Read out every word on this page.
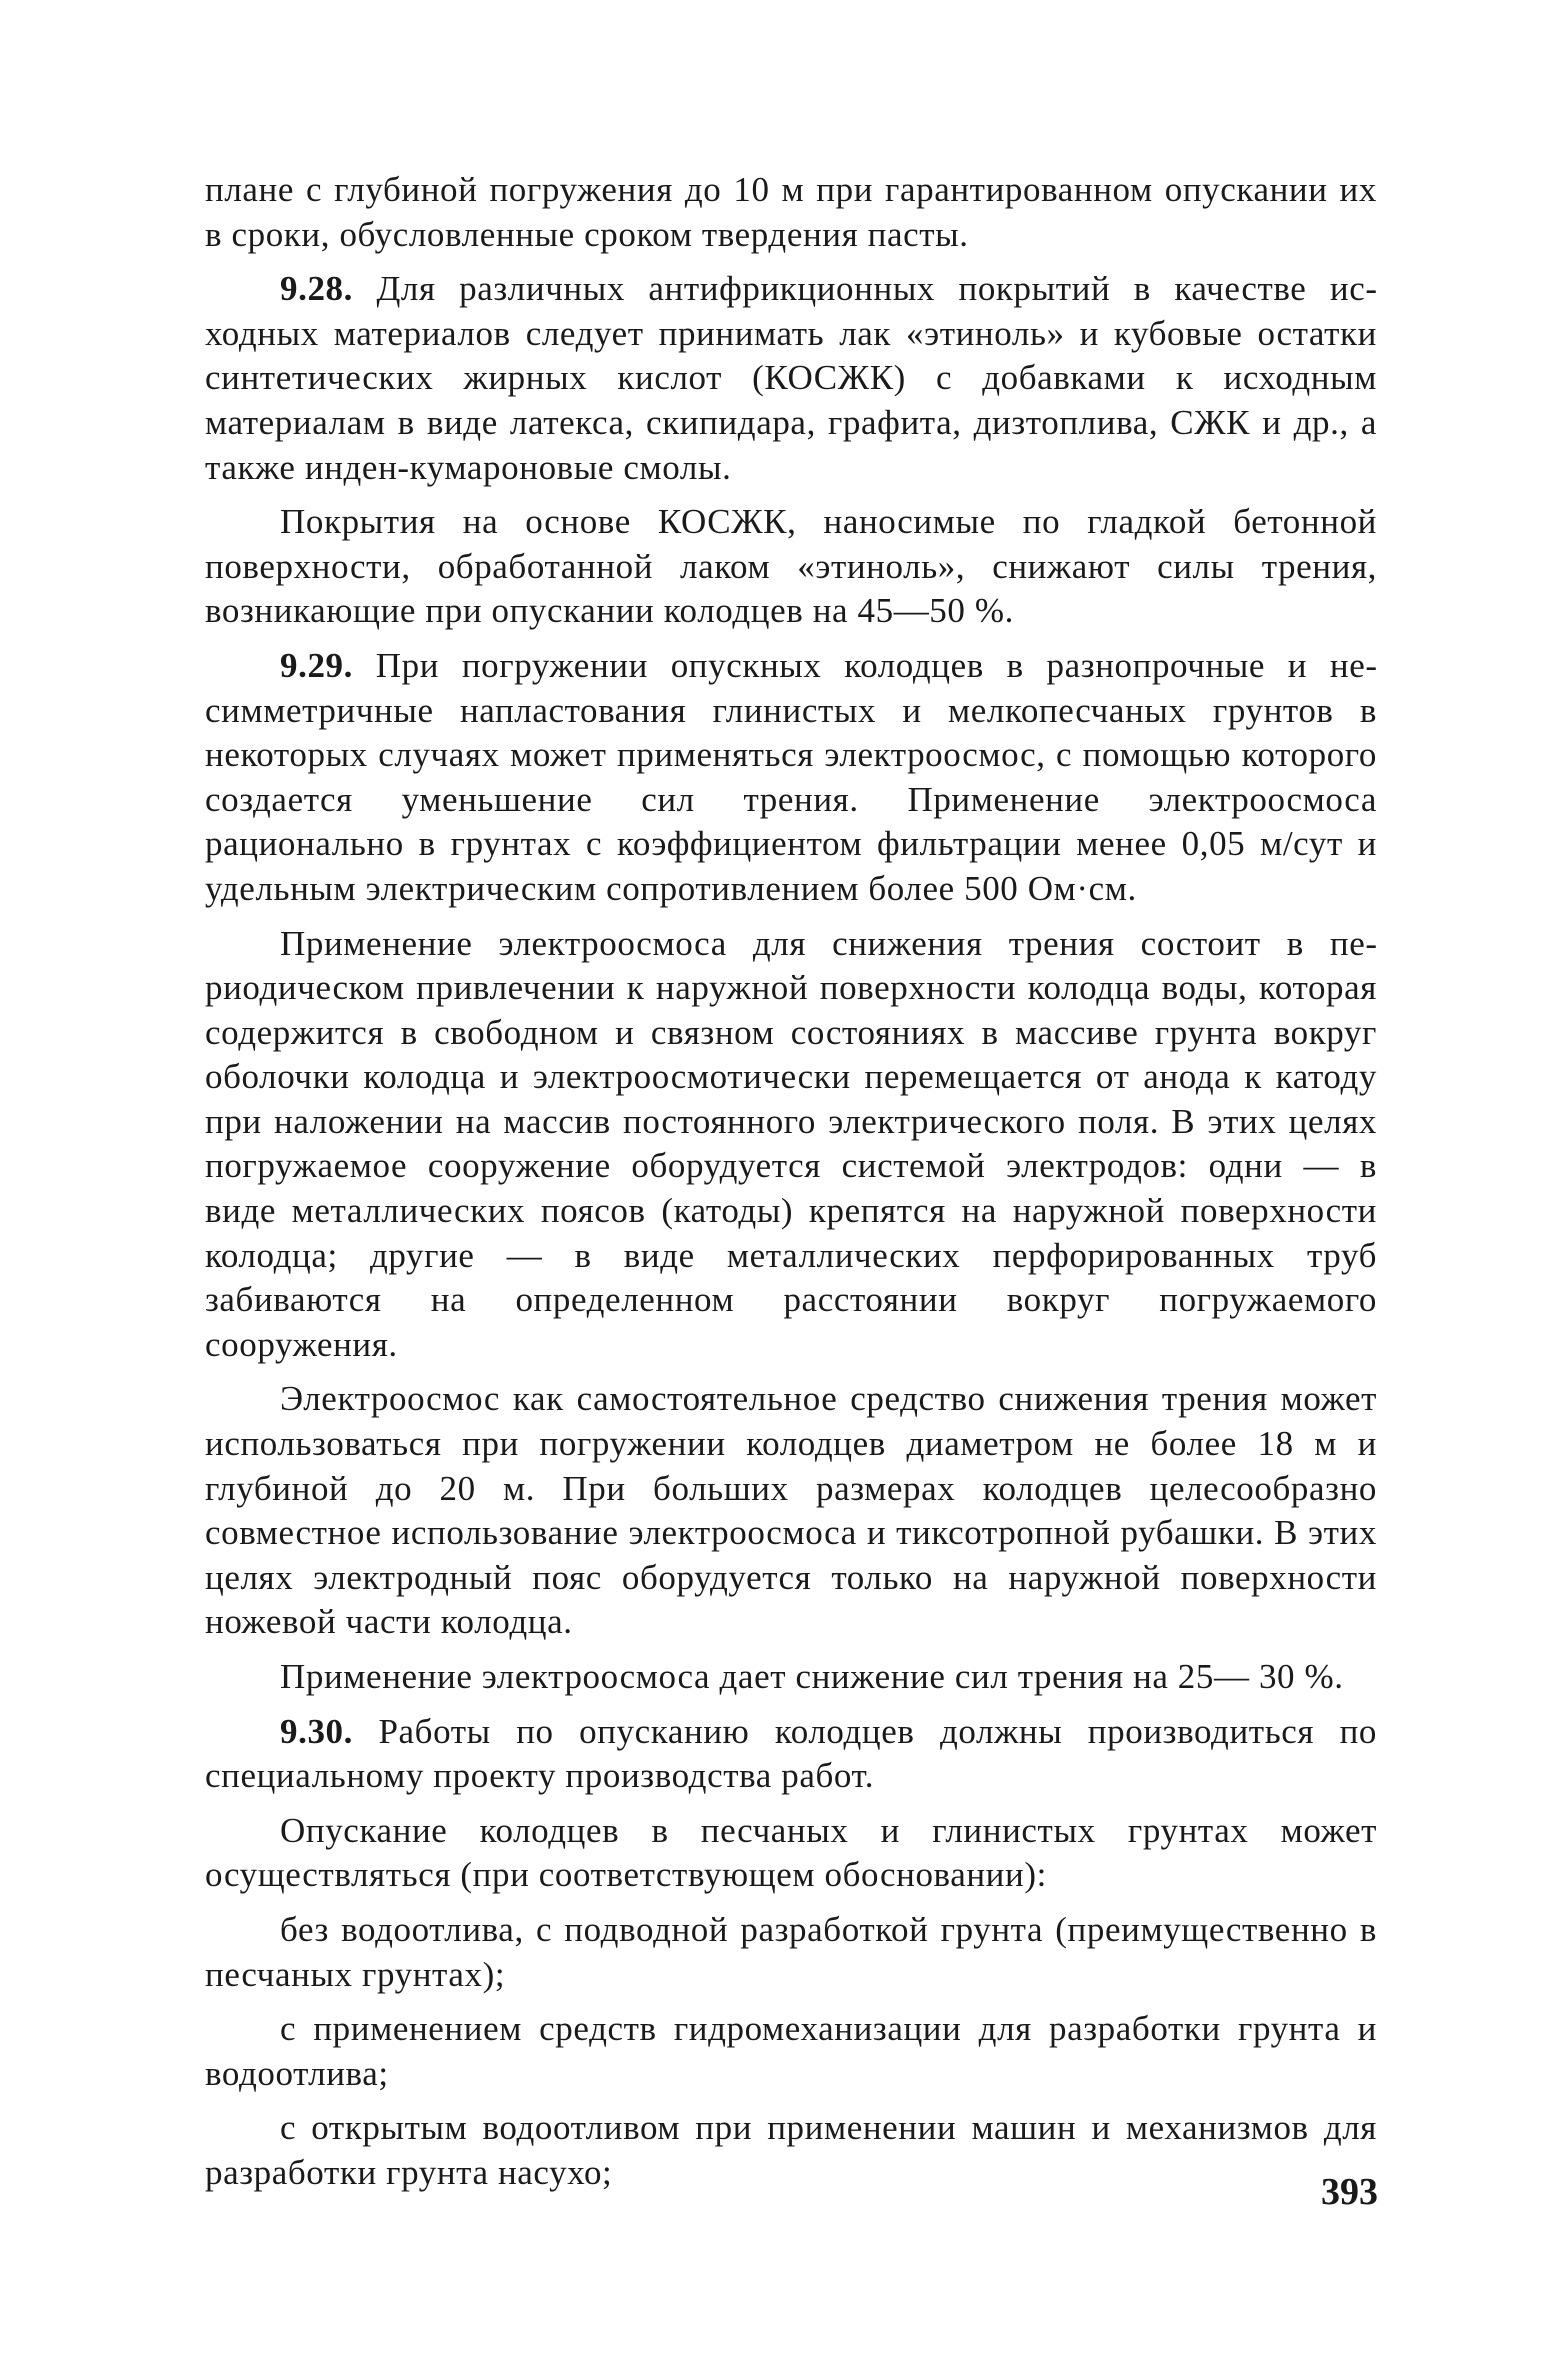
плане с глубиной погружения до 10 м при гарантированном опускании их в сроки, обусловленные сроком твердения пасты.

9.28. Для различных антифрикционных покрытий в качестве исходных материалов следует принимать лак «этиноль» и кубовые остатки синтетических жирных кислот (КОСЖК) с добавками к исходным материалам в виде латекса, скипидара, графита, дизтоплива, СЖК и др., а также инден-кумароновые смолы.

Покрытия на основе КОСЖК, наносимые по гладкой бетонной поверхности, обработанной лаком «этиноль», снижают силы трения, возникающие при опускании колодцев на 45—50 %.

9.29. При погружении опускных колодцев в разнопрочные и несимметричные напластования глинистых и мелкопесчаных грунтов в некоторых случаях может применяться электроосмос, с помощью которого создается уменьшение сил трения. Применение электроосмоса рационально в грунтах с коэффициентом фильтрации менее 0,05 м/сут и удельным электрическим сопротивлением более 500 Ом·см.

Применение электроосмоса для снижения трения состоит в периодическом привлечении к наружной поверхности колодца воды, которая содержится в свободном и связном состояниях в массиве грунта вокруг оболочки колодца и электроосмотически перемещается от анода к катоду при наложении на массив постоянного электрического поля. В этих целях погружаемое сооружение оборудуется системой электродов: одни — в виде металлических поясов (катоды) крепятся на наружной поверхности колодца; другие — в виде металлических перфорированных труб забиваются на определенном расстоянии вокруг погружаемого сооружения.

Электроосмос как самостоятельное средство снижения трения может использоваться при погружении колодцев диаметром не более 18 м и глубиной до 20 м. При больших размерах колодцев целесообразно совместное использование электроосмоса и тиксотропной рубашки. В этих целях электродный пояс оборудуется только на наружной поверхности ножевой части колодца.

Применение электроосмоса дает снижение сил трения на 25— 30 %.

9.30. Работы по опусканию колодцев должны производиться по специальному проекту производства работ.

Опускание колодцев в песчаных и глинистых грунтах может осуществляться (при соответствующем обосновании):

без водоотлива, с подводной разработкой грунта (преимущественно в песчаных грунтах);

с применением средств гидромеханизации для разработки грунта и водоотлива;

с открытым водоотливом при применении машин и механизмов для разработки грунта насухо;	393
